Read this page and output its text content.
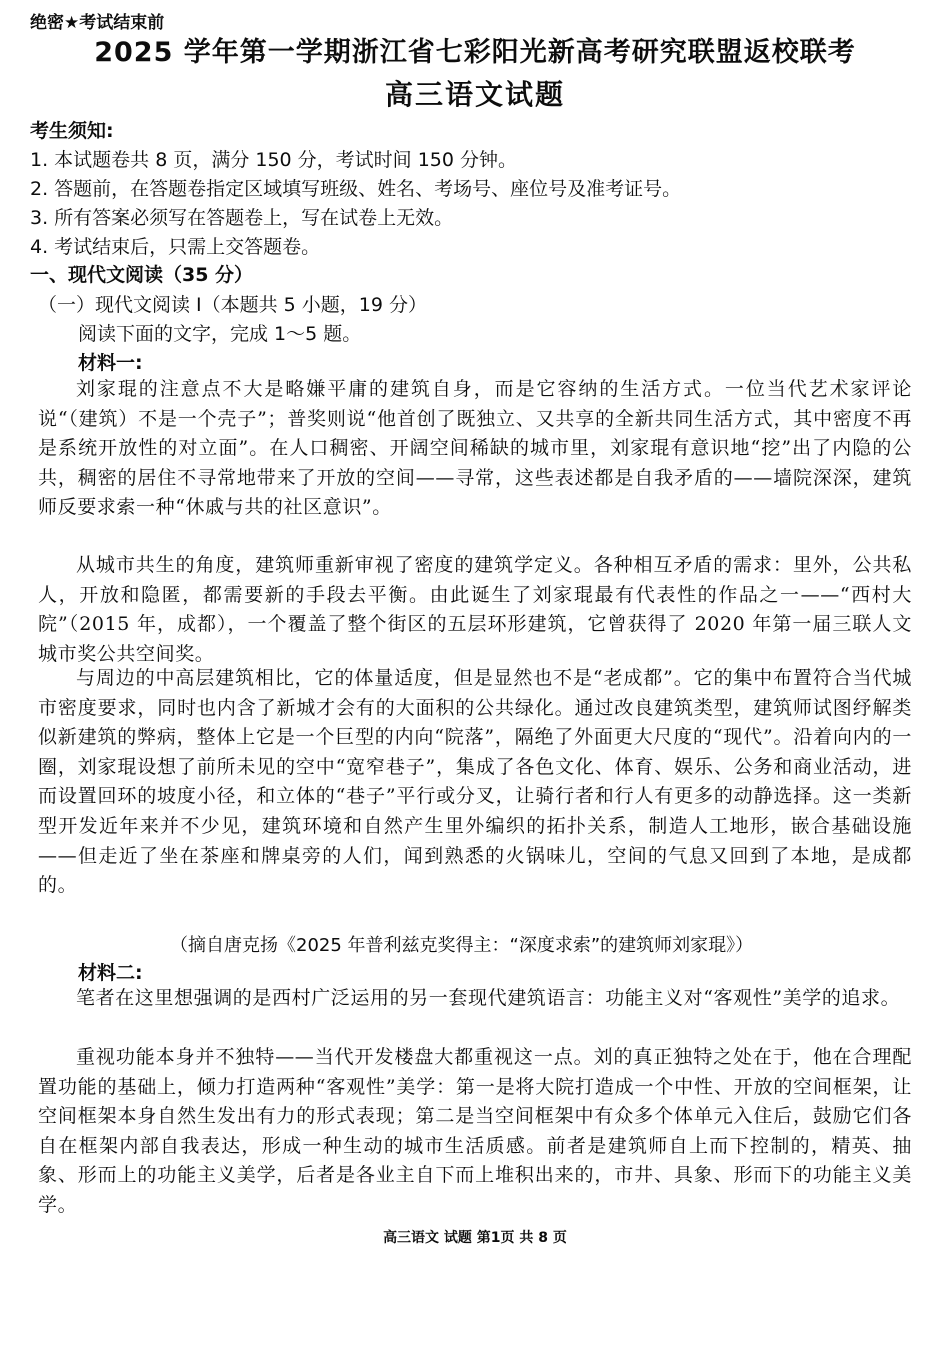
绝密★考试结束前
2025 学年第一学期浙江省七彩阳光新高考研究联盟返校联考
高三语文试题
考生须知:
1. 本试题卷共 8 页，满分 150 分，考试时间 150 分钟。
2. 答题前，在答题卷指定区域填写班级、姓名、考场号、座位号及准考证号。
3. 所有答案必须写在答题卷上，写在试卷上无效。
4. 考试结束后，只需上交答题卷。
一、现代文阅读（35 分）
（一）现代文阅读 I（本题共 5 小题，19 分）
阅读下面的文字，完成 1～5 题。
材料一:

刘家琨的注意点不大是略嫌平庸的建筑自身，而是它容纳的生活方式。一位当代艺术家评论说“（建筑）不是一个壳子”；普奖则说“他首创了既独立、又共享的全新共同生活方式，其中密度不再是系统开放性的对立面”。在人口稠密、开阔空间稀缺的城市里，刘家琨有意识地“挖”出了内隐的公共，稠密的居住不寻常地带来了开放的空间——寻常，这些表述都是自我矛盾的——墙院深深，建筑师反要求索一种“休戚与共的社区意识”。

从城市共生的角度，建筑师重新审视了密度的建筑学定义。各种相互矛盾的需求：里外，公共私人，开放和隐匿，都需要新的手段去平衡。由此诞生了刘家琨最有代表性的作品之一——“西村大院”（2015 年，成都），一个覆盖了整个街区的五层环形建筑，它曾获得了 2020 年第一届三联人文城市奖公共空间奖。

与周边的中高层建筑相比，它的体量适度，但是显然也不是“老成都”。它的集中布置符合当代城市密度要求，同时也内含了新城才会有的大面积的公共绿化。通过改良建筑类型，建筑师试图纾解类似新建筑的弊病，整体上它是一个巨型的内向“院落”，隔绝了外面更大尺度的“现代”。沿着向内的一圈，刘家琨设想了前所未见的空中“宽窄巷子”，集成了各色文化、体育、娱乐、公务和商业活动，进而设置回环的坡度小径，和立体的“巷子”平行或分叉，让骑行者和行人有更多的动静选择。这一类新型开发近年来并不少见，建筑环境和自然产生里外编织的拓扑关系，制造人工地形，嵌合基础设施——但走近了坐在茶座和牌桌旁的人们，闻到熟悉的火锅味儿，空间的气息又回到了本地，是成都的。

（摘自唐克扬《2025 年普利兹克奖得主：“深度求索”的建筑师刘家琨》）
材料二:

笔者在这里想强调的是西村广泛运用的另一套现代建筑语言：功能主义对“客观性”美学的追求。

重视功能本身并不独特——当代开发楼盘大都重视这一点。刘的真正独特之处在于，他在合理配置功能的基础上，倾力打造两种“客观性”美学：第一是将大院打造成一个中性、开放的空间框架，让空间框架本身自然生发出有力的形式表现；第二是当空间框架中有众多个体单元入住后，鼓励它们各自在框架内部自我表达，形成一种生动的城市生活质感。前者是建筑师自上而下控制的，精英、抽象、形而上的功能主义美学，后者是各业主自下而上堆积出来的，市井、具象、形而下的功能主义美学。

高三语文 试题 第1页 共 8 页
